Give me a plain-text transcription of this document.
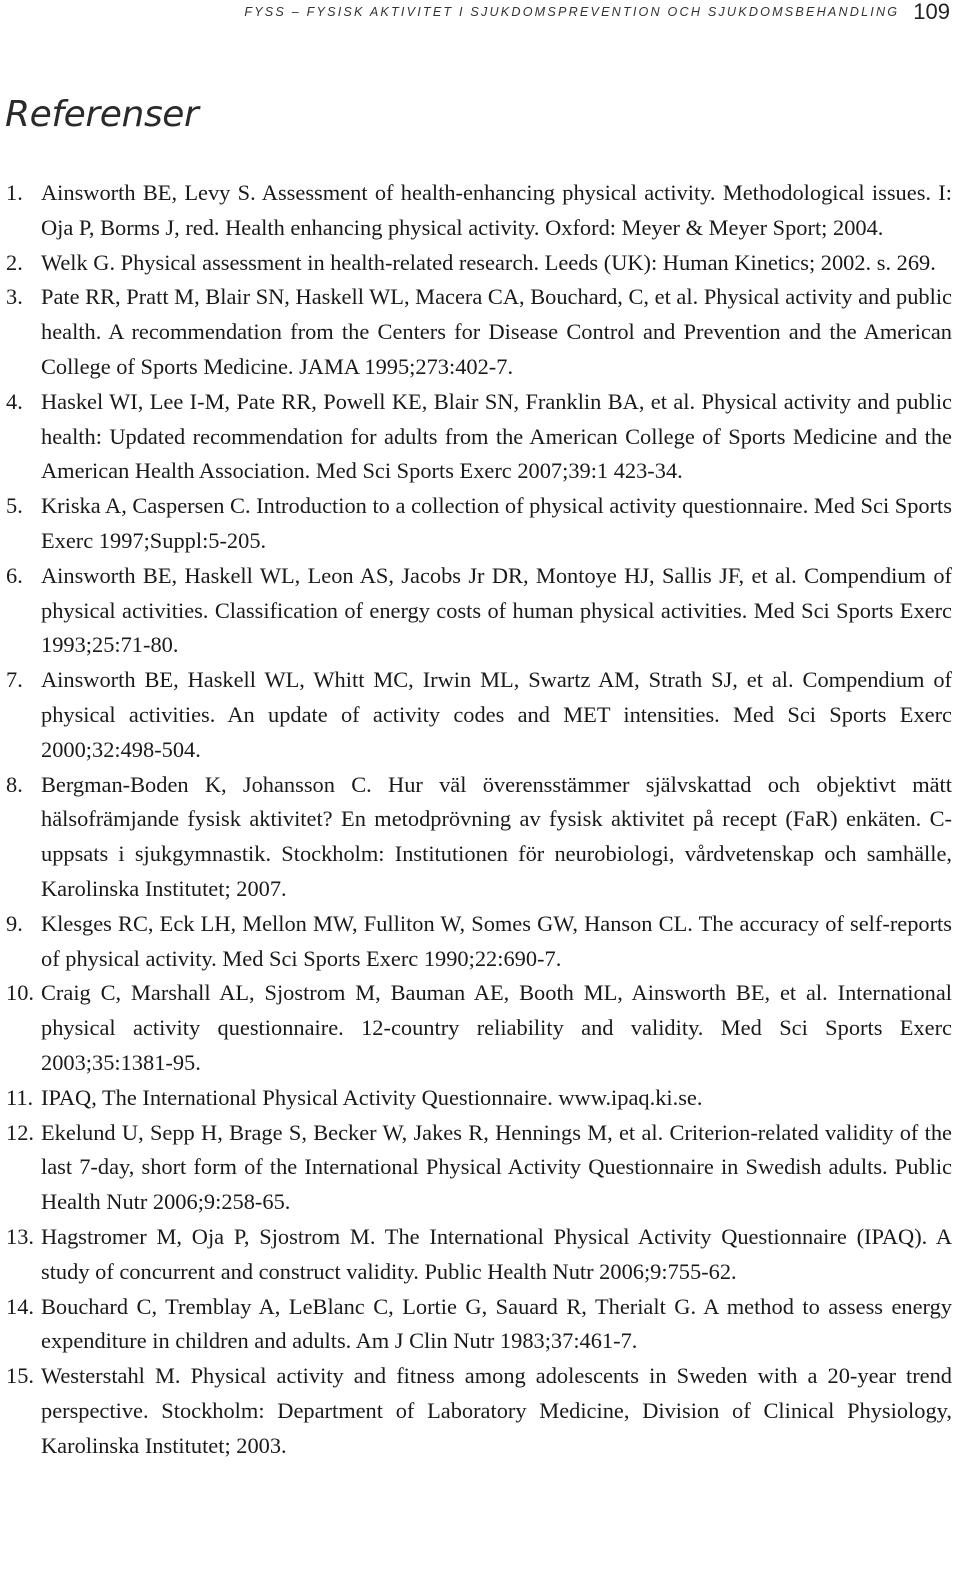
FYSS – FYSISK AKTIVITET I SJUKDOMSPREVENTION OCH SJUKDOMSBEHANDLING 109
Referenser
1. Ainsworth BE, Levy S. Assessment of health-enhancing physical activity. Methodological issues. I: Oja P, Borms J, red. Health enhancing physical activity. Oxford: Meyer & Meyer Sport; 2004.
2. Welk G. Physical assessment in health-related research. Leeds (UK): Human Kinetics; 2002. s. 269.
3. Pate RR, Pratt M, Blair SN, Haskell WL, Macera CA, Bouchard, C, et al. Physical activity and public health. A recommendation from the Centers for Disease Control and Prevention and the American College of Sports Medicine. JAMA 1995;273:402-7.
4. Haskel WI, Lee I-M, Pate RR, Powell KE, Blair SN, Franklin BA, et al. Physical activity and public health: Updated recommendation for adults from the American College of Sports Medicine and the American Health Association. Med Sci Sports Exerc 2007;39:1 423-34.
5. Kriska A, Caspersen C. Introduction to a collection of physical activity questionnaire. Med Sci Sports Exerc 1997;Suppl:5-205.
6. Ainsworth BE, Haskell WL, Leon AS, Jacobs Jr DR, Montoye HJ, Sallis JF, et al. Compendium of physical activities. Classification of energy costs of human physical activities. Med Sci Sports Exerc 1993;25:71-80.
7. Ainsworth BE, Haskell WL, Whitt MC, Irwin ML, Swartz AM, Strath SJ, et al. Compendium of physical activities. An update of activity codes and MET intensities. Med Sci Sports Exerc 2000;32:498-504.
8. Bergman-Boden K, Johansson C. Hur väl överensstämmer självskattad och objektivt mätt hälsofrämjande fysisk aktivitet? En metodprövning av fysisk aktivitet på recept (FaR) enkäten. C-uppsats i sjukgymnastik. Stockholm: Institutionen för neurobiologi, vårdvetenskap och samhälle, Karolinska Institutet; 2007.
9. Klesges RC, Eck LH, Mellon MW, Fulliton W, Somes GW, Hanson CL. The accuracy of self-reports of physical activity. Med Sci Sports Exerc 1990;22:690-7.
10. Craig C, Marshall AL, Sjostrom M, Bauman AE, Booth ML, Ainsworth BE, et al. International physical activity questionnaire. 12-country reliability and validity. Med Sci Sports Exerc 2003;35:1381-95.
11. IPAQ, The International Physical Activity Questionnaire. www.ipaq.ki.se.
12. Ekelund U, Sepp H, Brage S, Becker W, Jakes R, Hennings M, et al. Criterion-related validity of the last 7-day, short form of the International Physical Activity Questionnaire in Swedish adults. Public Health Nutr 2006;9:258-65.
13. Hagstromer M, Oja P, Sjostrom M. The International Physical Activity Questionnaire (IPAQ). A study of concurrent and construct validity. Public Health Nutr 2006;9:755-62.
14. Bouchard C, Tremblay A, LeBlanc C, Lortie G, Sauard R, Therialt G. A method to assess energy expenditure in children and adults. Am J Clin Nutr 1983;37:461-7.
15. Westerstahl M. Physical activity and fitness among adolescents in Sweden with a 20-year trend perspective. Stockholm: Department of Laboratory Medicine, Division of Clinical Physiology, Karolinska Institutet; 2003.
